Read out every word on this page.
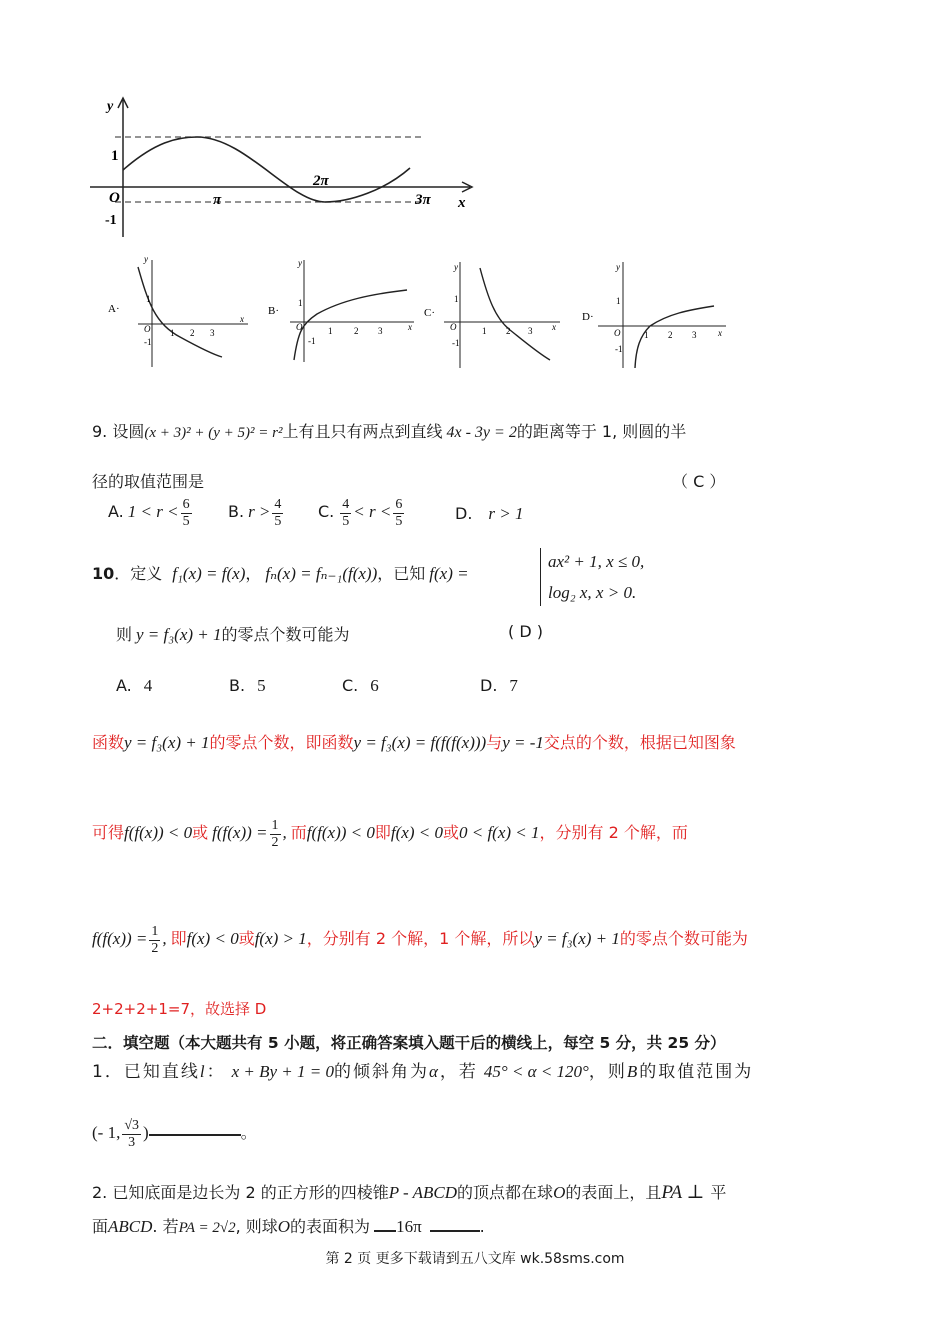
y
x
O
1
-1
π
2π
3π
A·
y
x
O
1
1 2 3
-1
B·
y
x
O
1
1 2 3
-1
C·
y
x
O
1
1 2 3
-1
D·
y
x
O
1
1 2 3
-1
9. 设圆(x + 3)² + (y + 5)² = r²上有且只有两点到直线 4x - 3y = 2的距离等于 1, 则圆的半
径的取值范围是	（ C ）
A. $1 < r < \frac{6}{5} B$. $r > \frac{4}{5} C$. $\frac{4}{5} < r < \frac{6}{5}$	D. r > 1
10．定义 f₁(x) = f(x)， fₙ(x) = fₙ₋₁(f(x))，已知 f(x) =
ax² + 1, x ≤ 0,
log₂ x, x > 0.
则 y = f₃(x) + 1的零点个数可能为	( D )
A. 4	B. 5	C. 6	D. 7
函数y = f₃(x) + 1的零点个数，即函数y = f₃(x) = f(f(f(x)))与y = -1交点的个数，根据已知图象
可得f(f(x)) < 0或 $f(f(x)) = \frac{1}{2}$ , 而f(f(x)) < 0即f(x) < 0或0 < f(x) < 1，分别有 2 个解，而
$f(f(x)) = \frac{1}{2}$ , 即f(x) < 0或f(x) > 1，分别有 2 个解，1 个解，所以y = f₃(x) + 1的零点个数可能为
2+2+2+1=7，故选择 D
二．填空题（本大题共有 5 小题，将正确答案填入题干后的横线上，每空 5 分，共 25 分）
1．已知直线l： x + By + 1 = 0的倾斜角为α，若 45° < α < 120°，则B的取值范围为
(- 1, $\frac{√3}{3}$ )	。
2. 已知底面是边长为 2 的正方形的四棱锥P - ABCD的顶点都在球O的表面上，且PA ⊥ 平
面ABCD. 若PA = 2√2, 则球O的表面积为 16π	.
第 2 页 更多下载请到五八文库 wk.58sms.com
